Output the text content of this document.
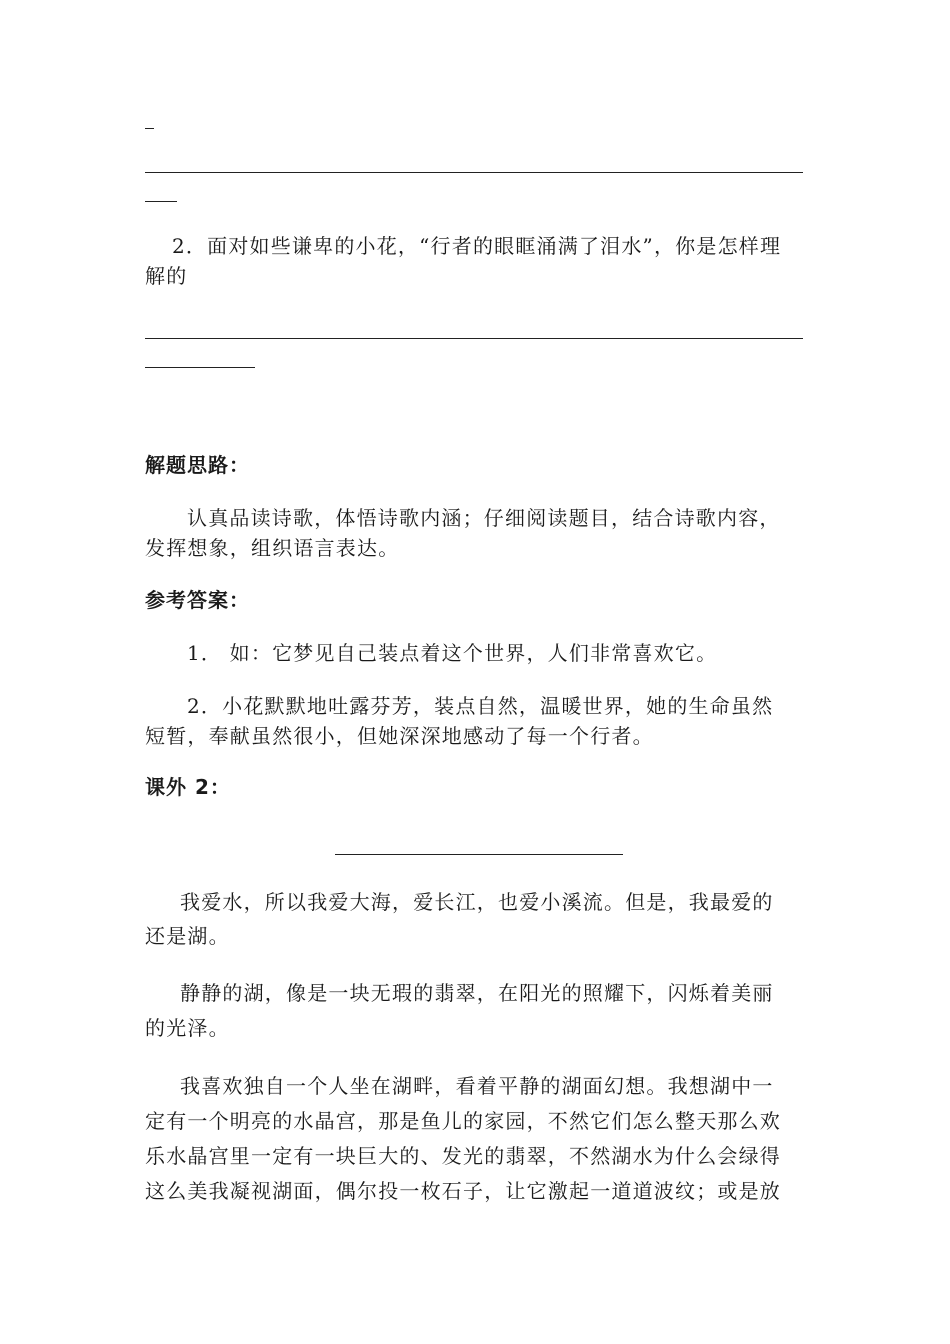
2．面对如些谦卑的小花，“行者的眼眶涌满了泪水”，你是怎样理
解的
解题思路：
认真品读诗歌，体悟诗歌内涵；仔细阅读题目，结合诗歌内容，
发挥想象，组织语言表达。
参考答案：
1． 如：它梦见自己装点着这个世界，人们非常喜欢它。
2．小花默默地吐露芬芳，装点自然，温暖世界，她的生命虽然
短暂，奉献虽然很小，但她深深地感动了每一个行者。
课外 2：
我爱水，所以我爱大海，爱长江，也爱小溪流。但是，我最爱的
还是湖。
静静的湖，像是一块无瑕的翡翠，在阳光的照耀下，闪烁着美丽
的光泽。
我喜欢独自一个人坐在湖畔，看着平静的湖面幻想。我想湖中一
定有一个明亮的水晶宫，那是鱼儿的家园，不然它们怎么整天那么欢
乐水晶宫里一定有一块巨大的、发光的翡翠，不然湖水为什么会绿得
这么美我凝视湖面，偶尔投一枚石子，让它激起一道道波纹；或是放
